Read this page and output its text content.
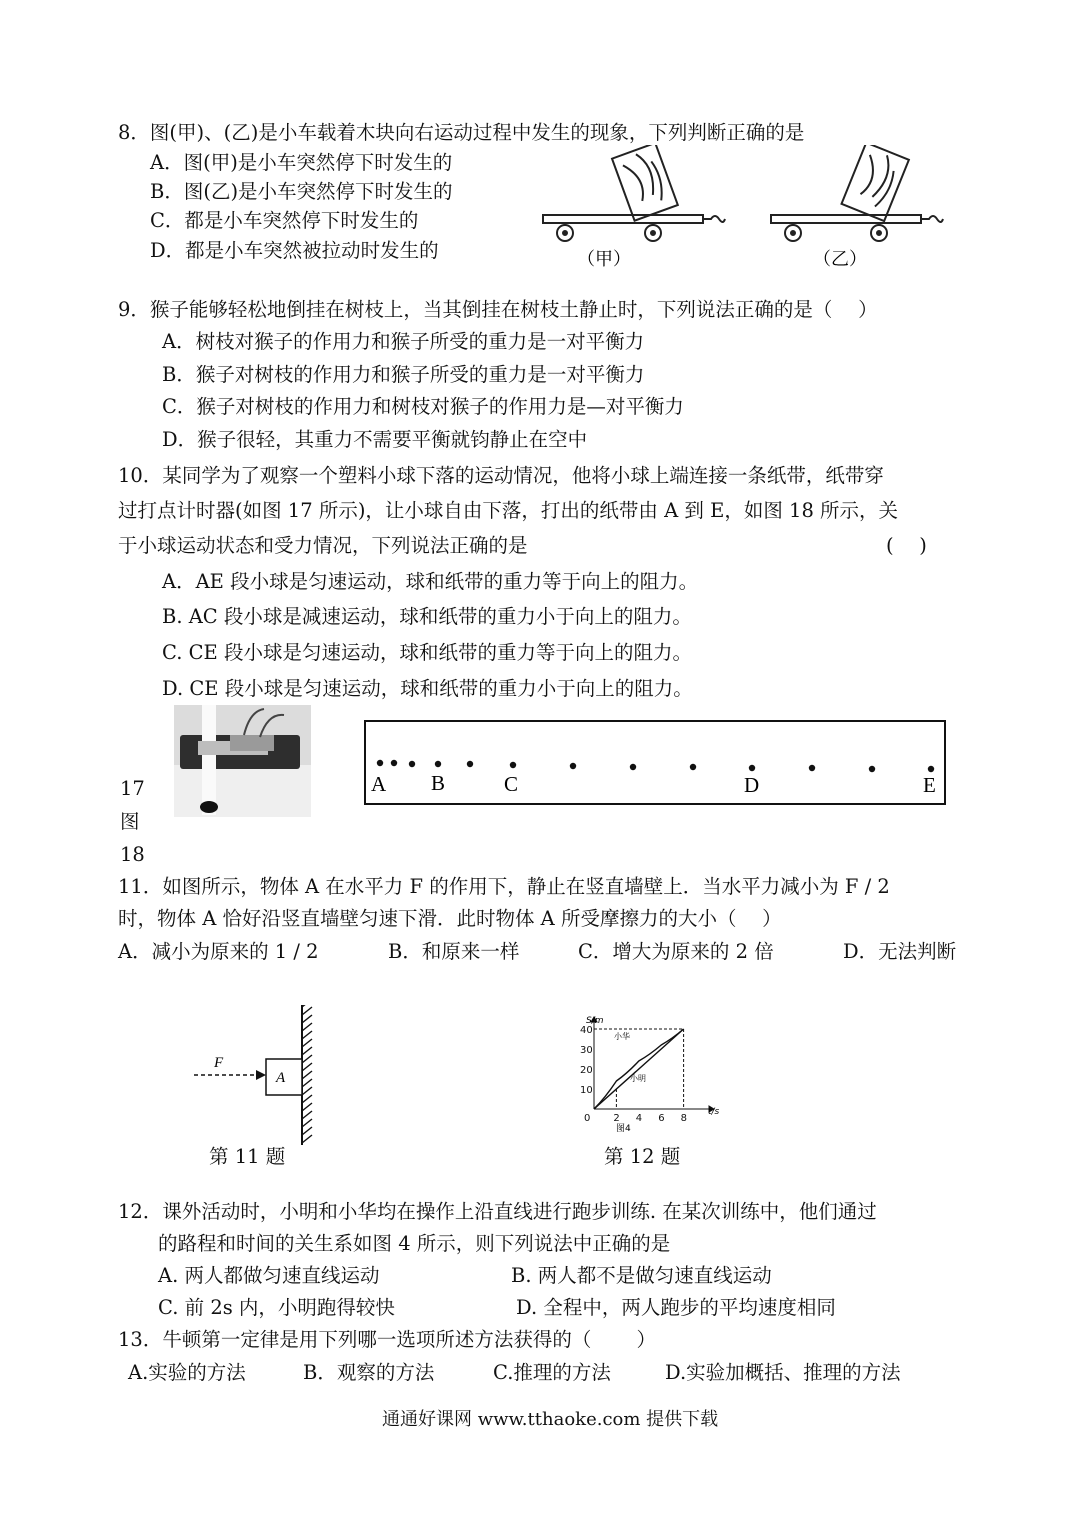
8．图(甲)、(乙)是小车载着木块向右运动过程中发生的现象，下列判断正确的是
A．图(甲)是小车突然停下时发生的
B．图(乙)是小车突然停下时发生的
C．都是小车突然停下时发生的
D．都是小车突然被拉动时发生的	（甲）	（乙）
9．猴子能够轻松地倒挂在树枝上，当其倒挂在树枝土静止时，下列说法正确的是（　 ）
A．树枝对猴子的作用力和猴子所受的重力是一对平衡力
B．猴子对树枝的作用力和猴子所受的重力是一对平衡力
C．猴子对树枝的作用力和树枝对猴子的作用力是—对平衡力
D．猴子很轻，其重力不需要平衡就钧静止在空中
10．某同学为了观察一个塑料小球下落的运动情况，他将小球上端连接一条纸带，纸带穿
过打点计时器(如图 17 所示)，让小球自由下落，打出的纸带由 A 到 E，如图 18 所示，关
于小球运动状态和受力情况，下列说法正确的是	(　 )
A．AE 段小球是匀速运动，球和纸带的重力等于向上的阻力。
B. AC 段小球是减速运动，球和纸带的重力小于向上的阻力。
C. CE 段小球是匀速运动，球和纸带的重力等于向上的阻力。
D. CE 段小球是匀速运动，球和纸带的重力小于向上的阻力。
A B	C	D	E
17
图
18
11．如图所示，物体 A 在水平力 F 的作用下，静止在竖直墙壁上．当水平力减小为 F / 2
时，物体 A 恰好沿竖直墙壁匀速下滑．此时物体 A 所受摩擦力的大小（　 ）
A．减小为原来的 1 / 2	B．和原来一样	C．增大为原来的 2 倍	D．无法判断
F
A
第 11 题
10
20
30
40
0 2 4 6 8
S/m
t/s
小华
小明
图4
第 12 题
12．课外活动时，小明和小华均在操作上沿直线进行跑步训练. 在某次训练中，他们通过
的路程和时间的关生系如图 4 所示，则下列说法中正确的是
A. 两人都做匀速直线运动	B. 两人都不是做匀速直线运动
C. 前 2s 内，小明跑得较快	D. 全程中，两人跑步的平均速度相同
13．牛顿第一定律是用下列哪一选项所述方法获得的（　 　）
A.实验的方法	B．观察的方法	C.推理的方法	D.实验加概括、推理的方法
通通好课网 www.tthaoke.com 提供下载
